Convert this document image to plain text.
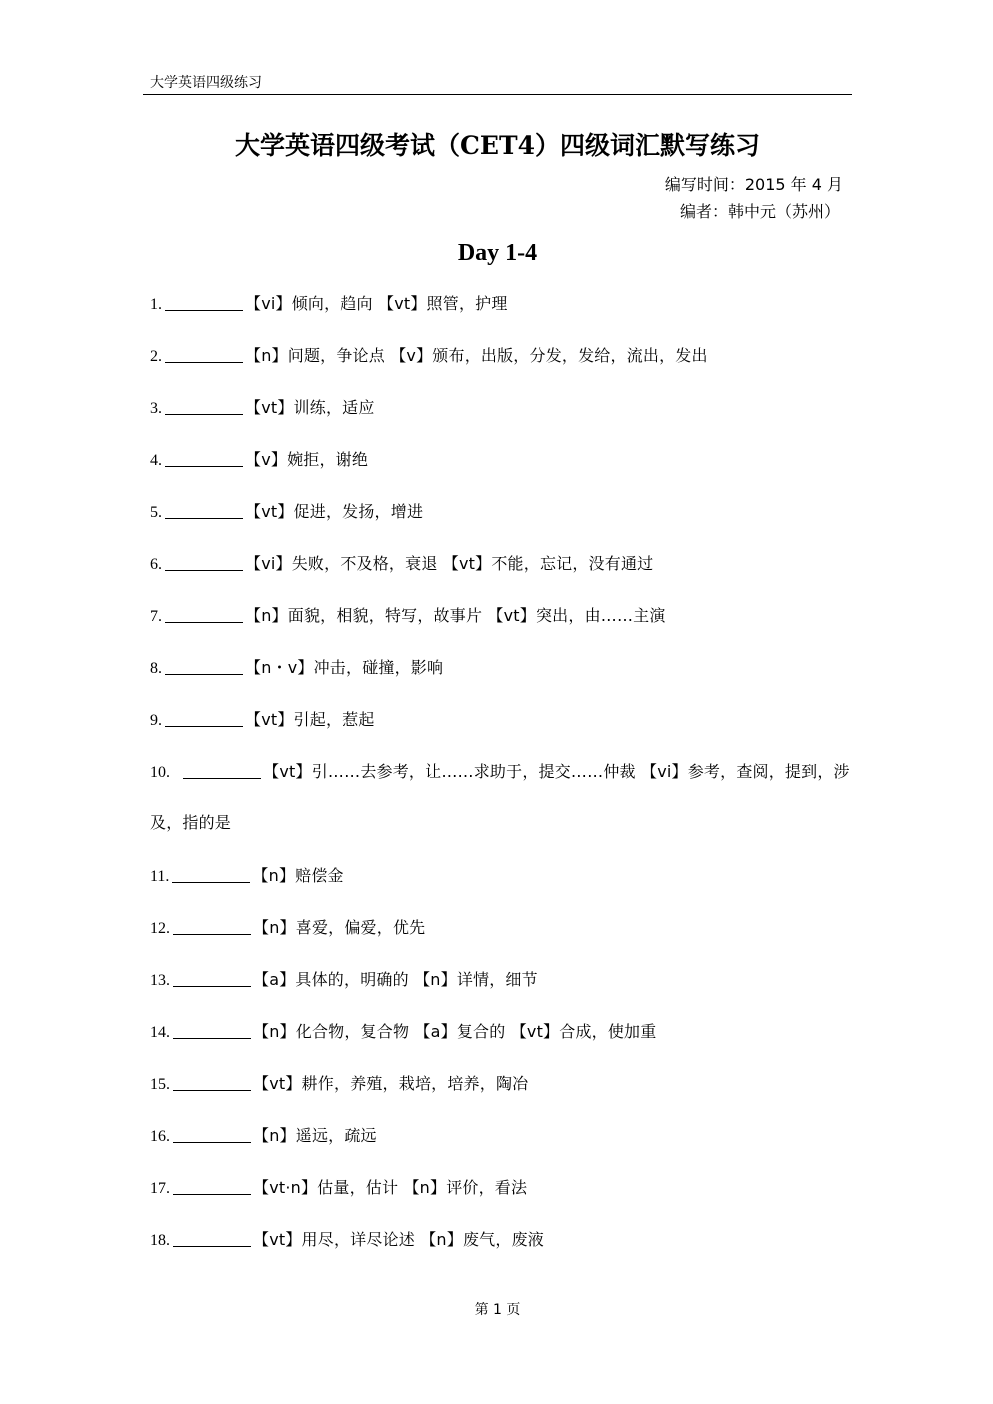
大学英语四级练习
大学英语四级考试（CET4）四级词汇默写练习
编写时间：2015 年 4 月
编者：韩中元（苏州）
Day 1-4
1.	【vi】倾向，趋向 【vt】照管，护理
2.	【n】问题，争论点 【v】颁布，出版，分发，发给，流出，发出
3.	【vt】训练，适应
4.	【v】婉拒，谢绝
5.	【vt】促进，发扬，增进
6.	【vi】失败，不及格，衰退 【vt】不能，忘记，没有通过
7.	【n】面貌，相貌，特写，故事片 【vt】突出，由……主演
8.	【n・v】冲击，碰撞，影响
9.	【vt】引起，惹起
10.	【vt】引……去参考，让……求助于，提交……仲裁 【vi】参考，查阅，提到，涉及，指的是
11.	【n】赔偿金
12.	【n】喜爱，偏爱，优先
13.	【a】具体的，明确的 【n】详情，细节
14.	【n】化合物，复合物 【a】复合的 【vt】合成，使加重
15.	【vt】耕作，养殖，栽培，培养，陶冶
16.	【n】遥远，疏远
17.	【vt·n】估量，估计 【n】评价，看法
18.	【vt】用尽，详尽论述 【n】废气，废液
第 1 页
